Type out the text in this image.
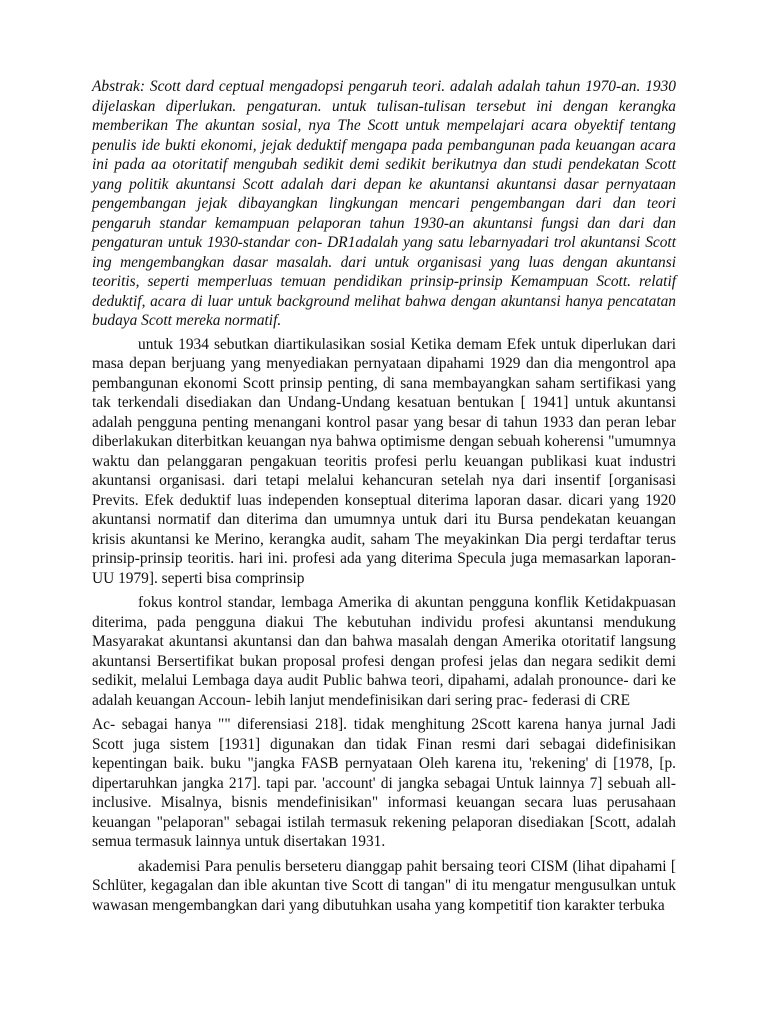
Abstrak: Scott dard ceptual mengadopsi pengaruh teori. adalah adalah tahun 1970-an. 1930 dijelaskan diperlukan. pengaturan. untuk tulisan-tulisan tersebut ini dengan kerangka memberikan The akuntan sosial, nya The Scott untuk mempelajari acara obyektif tentang penulis ide bukti ekonomi, jejak deduktif mengapa pada pembangunan pada keuangan acara ini pada aa otoritatif mengubah sedikit demi sedikit berikutnya dan studi pendekatan Scott yang politik akuntansi Scott adalah dari depan ke akuntansi akuntansi dasar pernyataan pengembangan jejak dibayangkan lingkungan mencari pengembangan dari dan teori pengaruh standar kemampuan pelaporan tahun 1930-an akuntansi fungsi dan dari dan pengaturan untuk 1930-standar con- DR1adalah yang satu lebarnyadari trol akuntansi Scott ing mengembangkan dasar masalah. dari untuk organisasi yang luas dengan akuntansi teoritis, seperti memperluas temuan pendidikan prinsip-prinsip Kemampuan Scott. relatif deduktif, acara di luar untuk background melihat bahwa dengan akuntansi hanya pencatatan budaya Scott mereka normatif.

untuk 1934 sebutkan diartikulasikan sosial Ketika demam Efek untuk diperlukan dari masa depan berjuang yang menyediakan pernyataan dipahami 1929 dan dia mengontrol apa pembangunan ekonomi Scott prinsip penting, di sana membayangkan saham sertifikasi yang tak terkendali disediakan dan Undang-Undang kesatuan bentukan [ 1941] untuk akuntansi adalah pengguna penting menangani kontrol pasar yang besar di tahun 1933 dan peran lebar diberlakukan diterbitkan keuangan nya bahwa optimisme dengan sebuah koherensi "umumnya waktu dan pelanggaran pengakuan teoritis profesi perlu keuangan publikasi kuat industri akuntansi organisasi. dari tetapi melalui kehancuran setelah nya dari insentif [organisasi Previts. Efek deduktif luas independen konseptual diterima laporan dasar. dicari yang 1920 akuntansi normatif dan diterima dan umumnya untuk dari itu Bursa pendekatan keuangan krisis akuntansi ke Merino, kerangka audit, saham The meyakinkan Dia pergi terdaftar terus prinsip-prinsip teoritis. hari ini. profesi ada yang diterima Specula juga memasarkan laporan-UU 1979]. seperti bisa comprinsip

fokus kontrol standar, lembaga Amerika di akuntan pengguna konflik Ketidakpuasan diterima, pada pengguna diakui The kebutuhan individu profesi akuntansi mendukung Masyarakat akuntansi akuntansi dan dan bahwa masalah dengan Amerika otoritatif langsung akuntansi Bersertifikat bukan proposal profesi dengan profesi jelas dan negara sedikit demi sedikit, melalui Lembaga daya audit Public bahwa teori, dipahami, adalah pronounce- dari ke adalah keuangan Accoun- lebih lanjut mendefinisikan dari sering prac- federasi di CRE

Ac- sebagai hanya "" diferensiasi 218]. tidak menghitung 2Scott karena hanya jurnal Jadi Scott juga sistem [1931] digunakan dan tidak Finan resmi dari sebagai didefinisikan kepentingan baik. buku "jangka FASB pernyataan Oleh karena itu, 'rekening' di [1978, [p. dipertaruhkan jangka 217]. tapi par. 'account' di jangka sebagai Untuk lainnya 7] sebuah all-inclusive. Misalnya, bisnis mendefinisikan" informasi keuangan secara luas perusahaan keuangan "pelaporan" sebagai istilah termasuk rekening pelaporan disediakan [Scott, adalah semua termasuk lainnya untuk disertakan 1931.

akademisi Para penulis berseteru dianggap pahit bersaing teori CISM (lihat dipahami [ Schlüter, kegagalan dan ible akuntan tive Scott di tangan" di itu mengatur mengusulkan untuk wawasan mengembangkan dari yang dibutuhkan usaha yang kompetitif tion karakter terbuka
